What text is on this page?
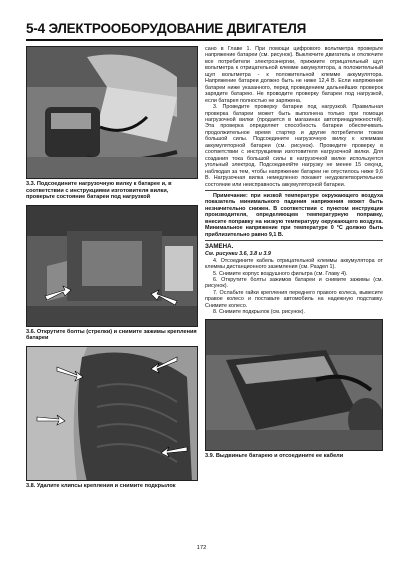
5-4 ЭЛЕКТРООБОРУДОВАНИЕ ДВИГАТЕЛЯ
3.3. Подсоедините нагрузочную вилку к батарее и, в соответствии с инструкциями изготовителя вилки, проверьте состояние батареи под нагрузкой
3.6. Открутите болты (стрелки) и снимите зажимы крепления батареи
3.8. Удалите клипсы крепления и снимите подкрылок

сано в Главе 1. При помощи цифрового вольтметра проверьте напряжение батареи (см. рисунок). Выключите двигатель и отключите все потребители электроэнергии, прижмите отрицательный щуп вольтметра к отрицательной клемме аккумулятора, а положительный щуп вольтметра - к положительной клемме аккумулятора. Напряжение батареи должно быть не ниже 12,4 В. Если напряжение батареи ниже указанного, перед проведением дальнейших проверок зарядите батарею. Не проводите проверку батареи под нагрузкой, если батарея полностью не заряжена.

3. Проведите проверку батареи под нагрузкой. Правильная проверка батареи может быть выполнена только при помощи нагрузочной вилки (продается в магазинах автопринадлежностей). Эта проверка определяет способность батареи обеспечивать продолжительное время стартер и другие потребители током большой силы. Подсоедините нагрузочную вилку к клеммам аккумуляторной батареи (см. рисунок). Проведите проверку в соответствии с инструкциями изготовителя нагрузочной вилки. Для создания тока большой силы в нагрузочной вилке используется угольный электрод. Подсоединяйте нагрузку не менее 15 секунд, наблюдая за тем, чтобы напряжение батареи не опустилось ниже 9,6 В. Нагрузочная вилка немедленно покажет неудовлетворительное состояние или неисправность аккумуляторной батареи.

Примечание: при низкой температуре окружающего воздуха показатель минимального падения напряжения может быть незначительно снижен. В соответствии с пунктом инструкции производителя, определяющем температурную поправку, внесите поправку на низкую температуру окружающего воздуха. Минимальное напряжение при температуре 0 °С должно быть приблизительно равно 9,1 В.

ЗАМЕНА.

См. рисунки 3.6, 3.8 и 3.9

4. Отсоедините кабель отрицательной клеммы аккумулятора от клеммы дистанционного заземления (см. Раздел 1).

5. Снимите корпус воздушного фильтра (см. Главу 4).

6. Открутите болты зажимов батареи и снимите зажимы (см. рисунок).

7. Ослабьте гайки крепления переднего правого колеса, вывесите правое колесо и поставьте автомобиль на надежную подставку. Снимите колесо.

8. Снимите подкрылок (см. рисунок).

3.9. Выдвиньте батарею и отсоедините ее кабели
172
